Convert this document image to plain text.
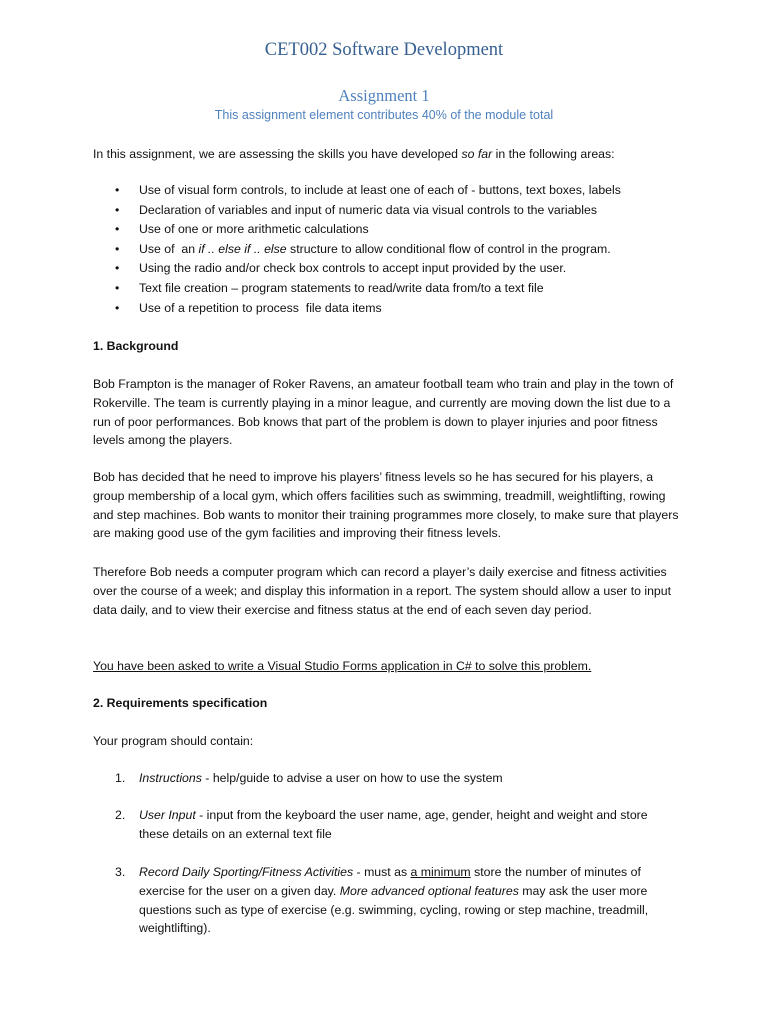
CET002 Software Development
Assignment 1
This assignment element contributes 40% of the module total
In this assignment, we are assessing the skills you have developed so far in the following areas:
• Use of visual form controls, to include at least one of each of - buttons, text boxes, labels
• Declaration of variables and input of numeric data via visual controls to the variables
• Use of one or more arithmetic calculations
• Use of  an if .. else if .. else structure to allow conditional flow of control in the program.
• Using the radio and/or check box controls to accept input provided by the user.
• Text file creation – program statements to read/write data from/to a text file
• Use of a repetition to process  file data items
1. Background
Bob Frampton is the manager of Roker Ravens, an amateur football team who train and play in the town of Rokerville. The team is currently playing in a minor league, and currently are moving down the list due to a run of poor performances. Bob knows that part of the problem is down to player injuries and poor fitness levels among the players.
Bob has decided that he need to improve his players’ fitness levels so he has secured for his players, a group membership of a local gym, which offers facilities such as swimming, treadmill, weightlifting, rowing and step machines. Bob wants to monitor their training programmes more closely, to make sure that players are making good use of the gym facilities and improving their fitness levels.
Therefore Bob needs a computer program which can record a player’s daily exercise and fitness activities over the course of a week; and display this information in a report. The system should allow a user to input data daily, and to view their exercise and fitness status at the end of each seven day period.
You have been asked to write a Visual Studio Forms application in C# to solve this problem.
2. Requirements specification
Your program should contain:
1. Instructions - help/guide to advise a user on how to use the system
2. User Input - input from the keyboard the user name, age, gender, height and weight and store these details on an external text file
3. Record Daily Sporting/Fitness Activities - must as a minimum store the number of minutes of exercise for the user on a given day. More advanced optional features may ask the user more questions such as type of exercise (e.g. swimming, cycling, rowing or step machine, treadmill, weightlifting).
